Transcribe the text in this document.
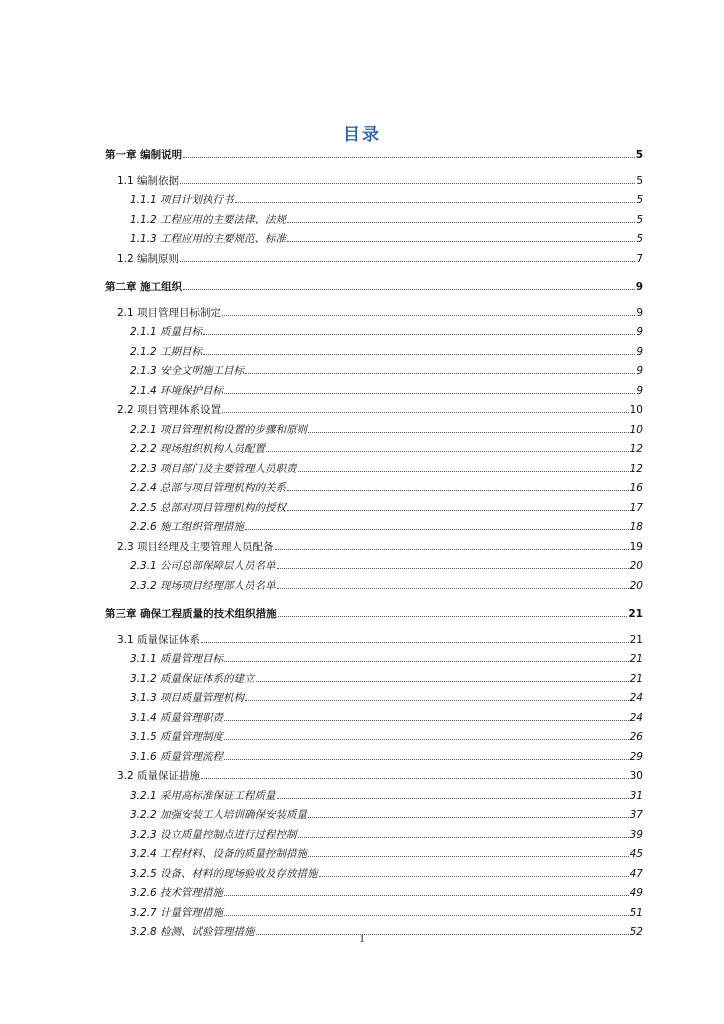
目录
第一章 编制说明	5
1.1 编制依据	5
1.1.1 项目计划执行书	5
1.1.2 工程应用的主要法律、法规	5
1.1.3 工程应用的主要规范、标准	5
1.2 编制原则	7
第二章 施工组织	9
2.1 项目管理目标制定	9
2.1.1 质量目标	9
2.1.2 工期目标	9
2.1.3 安全文明施工目标	9
2.1.4 环境保护目标	9
2.2 项目管理体系设置	10
2.2.1 项目管理机构设置的步骤和原则	10
2.2.2 现场组织机构人员配置	12
2.2.3 项目部门及主要管理人员职责	12
2.2.4 总部与项目管理机构的关系	16
2.2.5 总部对项目管理机构的授权	17
2.2.6 施工组织管理措施	18
2.3 项目经理及主要管理人员配备	19
2.3.1 公司总部保障层人员名单	20
2.3.2 现场项目经理部人员名单	20
第三章 确保工程质量的技术组织措施	21
3.1 质量保证体系	21
3.1.1 质量管理目标	21
3.1.2 质量保证体系的建立	21
3.1.3 项目质量管理机构	24
3.1.4 质量管理职责	24
3.1.5 质量管理制度	26
3.1.6 质量管理流程	29
3.2 质量保证措施	30
3.2.1 采用高标准保证工程质量	31
3.2.2 加强安装工人培训确保安装质量	37
3.2.3 设立质量控制点进行过程控制	39
3.2.4 工程材料、设备的质量控制措施	45
3.2.5 设备、材料的现场验收及存放措施	47
3.2.6 技术管理措施	49
3.2.7 计量管理措施	51
3.2.8 检测、试验管理措施	52
1
